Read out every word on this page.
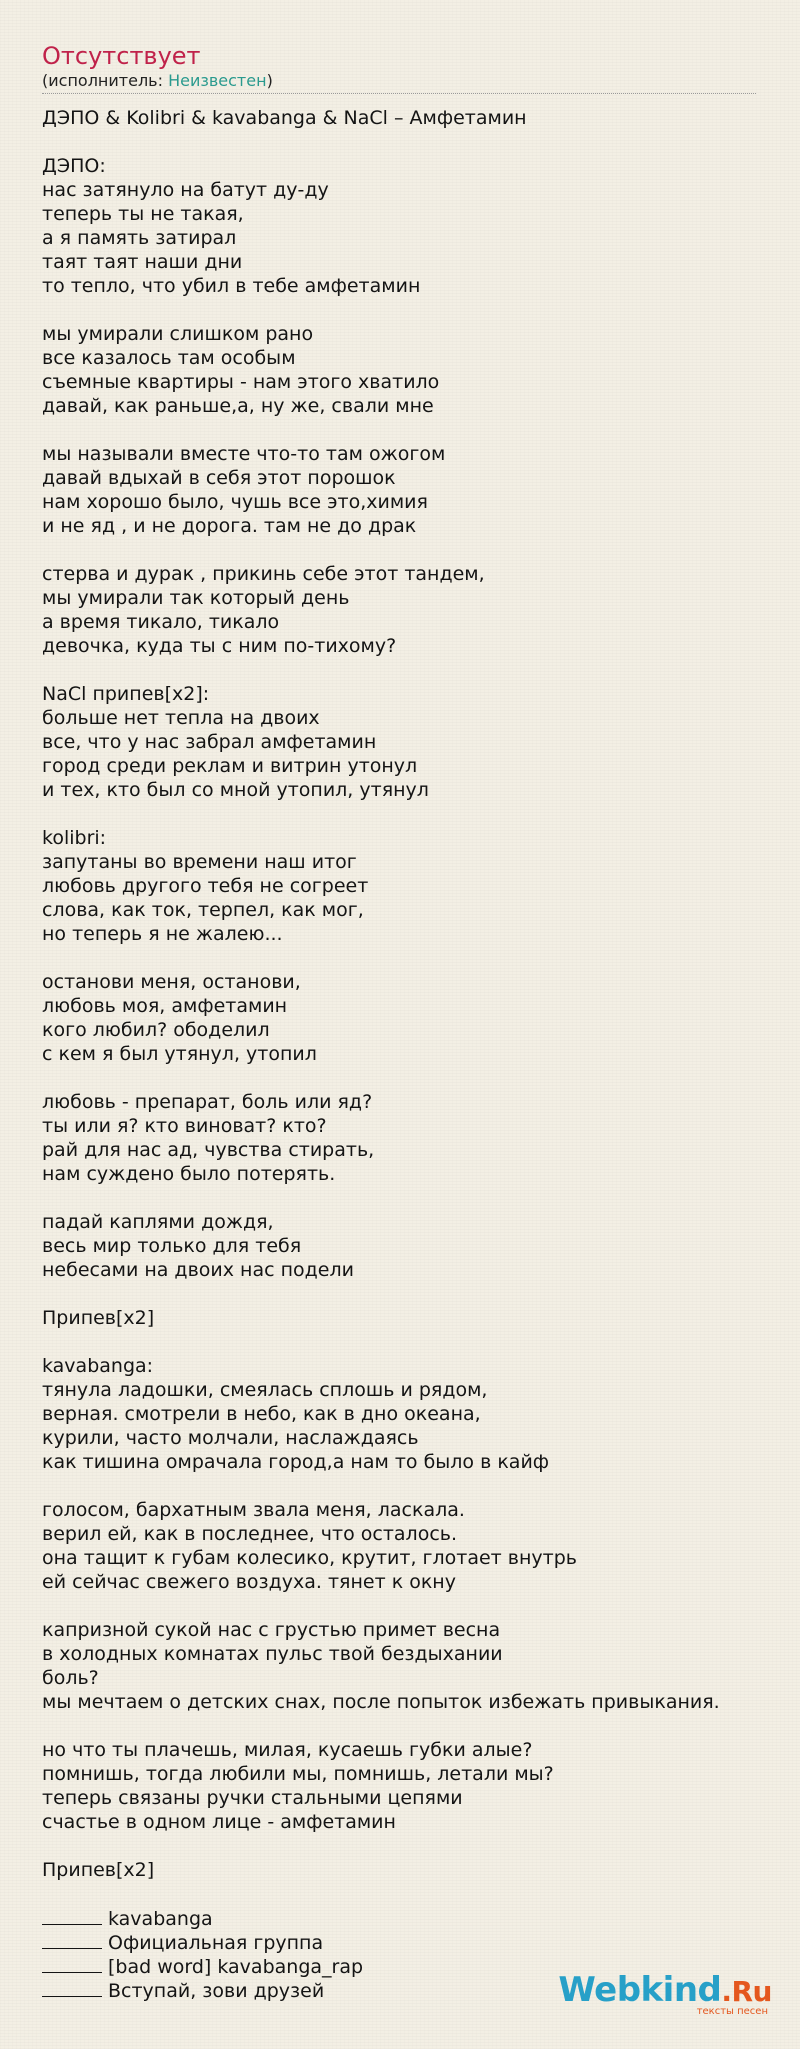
Отсутствует
(исполнитель: Неизвестен)
ДЭПО & Kolibri & kavabanga & NaCl – Амфетамин
ДЭПО:
нас затянуло на батут ду-ду
теперь ты не такая,
а я память затирал
таят таят наши дни
то тепло, что убил в тебе амфетамин
мы умирали слишком рано
все казалось там особым
съемные квартиры - нам этого хватило
давай, как раньше,а, ну же, свали мне
мы называли вместе что-то там ожогом
давай вдыхай в себя этот порошок
нам хорошо было, чушь все это,химия
и не яд , и не дорога. там не до драк
стерва и дурак , прикинь себе этот тандем,
мы умирали так который день
а время тикало, тикало
девочка, куда ты с ним по-тихому?
NaCl припев[x2]:
больше нет тепла на двоих
все, что у нас забрал амфетамин
город среди реклам и витрин утонул
и тех, кто был со мной утопил, утянул
kolibri:
запутаны во времени наш итог
любовь другого тебя не согреет
слова, как ток, терпел, как мог,
но теперь я не жалею...
останови меня, останови,
любовь моя, амфетамин
кого любил? ободелил
с кем я был утянул, утопил
любовь - препарат, боль или яд?
ты или я? кто виноват? кто?
рай для нас ад, чувства стирать,
нам суждено было потерять.
падай каплями дождя,
весь мир только для тебя
небесами на двоих нас подели
Припев[x2]
kavabanga:
тянула ладошки, смеялась сплошь и рядом,
верная. смотрели в небо, как в дно океана,
курили, часто молчали, наслаждаясь
как тишина омрачала город,а нам то было в кайф
голосом, бархатным звала меня, ласкала.
верил ей, как в последнее, что осталось.
она тащит к губам колесико, крутит, глотает внутрь
ей сейчас свежего воздуха. тянет к окну
капризной сукой нас с грустью примет весна
в холодных комнатах пульс твой бездыхании
боль?
мы мечтаем о детских снах, после попыток избежать привыкания.
но что ты плачешь, милая, кусаешь губки алые?
помнишь, тогда любили мы, помнишь, летали мы?
теперь связаны ручки стальными цепями
счастье в одном лице - амфетамин
Припев[x2]
kavabanga
Официальная группа
[bad word] kavabanga_rap
Вступай, зови друзей	Webkind.Ru
тексты песен
